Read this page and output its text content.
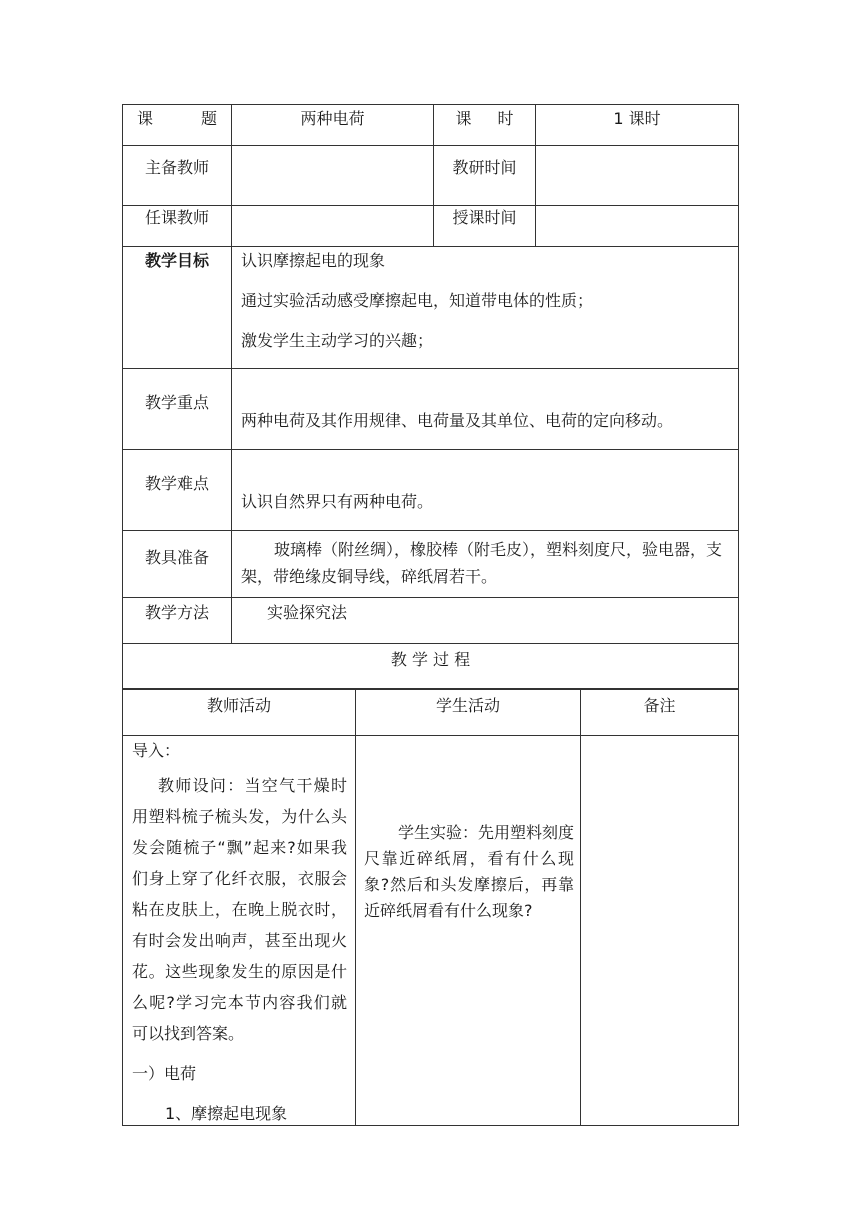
课 题	两种电荷	课 时	1 课时
主备教师		教研时间	
任课教师		授课时间	
教学目标	认识摩擦起电的现象
通过实验活动感受摩擦起电，知道带电体的性质；
激发学生主动学习的兴趣；		

教学重点	两种电荷及其作用规律、电荷量及其单位、电荷的定向移动。		
教学难点	认识自然界只有两种电荷。		
教具准备	玻璃棒（附丝绸），橡胶棒（附毛皮），塑料刻度尺，验电器，支架，带绝缘皮铜导线，碎纸屑若干。		
教学方法	实验探究法		
教 学 过 程			
教师活动	学生活动	备注

导入：
教师设问：当空气干燥时用塑料梳子梳头发，为什么头发会随梳子“飘”起来?如果我们身上穿了化纤衣服，衣服会粘在皮肤上，在晚上脱衣时，有时会发出响声，甚至出现火花。这些现象发生的原因是什么呢?学习完本节内容我们就可以找到答案。
一）电荷
1、摩擦起电现象	学生实验：先用塑料刻度尺靠近碎纸屑，看有什么现象?然后和头发摩擦后，再靠近碎纸屑看有什么现象?	
